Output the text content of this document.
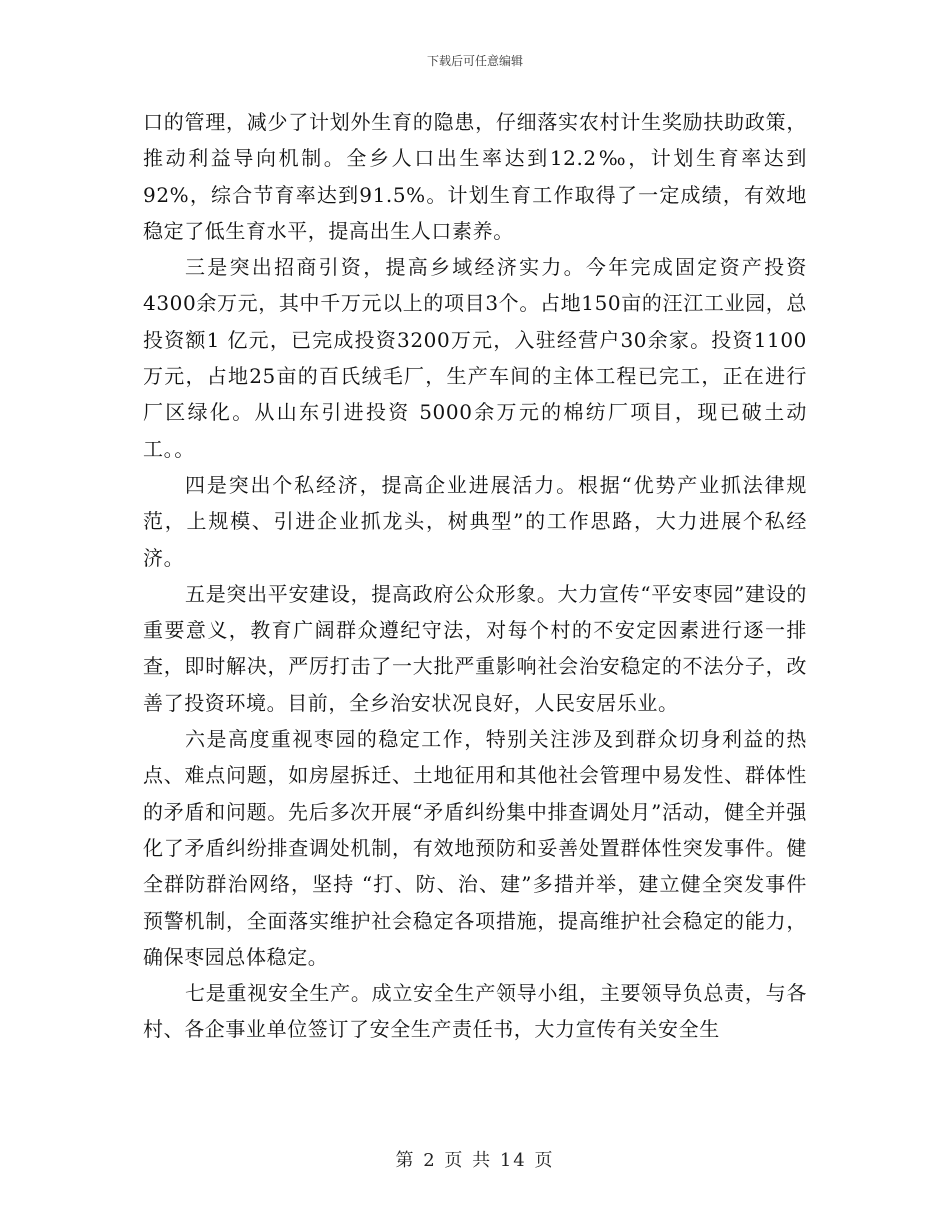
下载后可任意编辑

口的管理，减少了计划外生育的隐患，仔细落实农村计生奖励扶助政策，推动利益导向机制。全乡人口出生率达到12.2‰，计划生育率达到92%，综合节育率达到91.5%。计划生育工作取得了一定成绩，有效地稳定了低生育水平，提高出生人口素养。

三是突出招商引资，提高乡域经济实力。今年完成固定资产投资4300余万元，其中千万元以上的项目3个。占地150亩的汪江工业园，总投资额1 亿元，已完成投资3200万元，入驻经营户30余家。投资1100万元，占地25亩的百氏绒毛厂，生产车间的主体工程已完工，正在进行厂区绿化。从山东引进投资 5000余万元的棉纺厂项目，现已破土动工。。

四是突出个私经济，提高企业进展活力。根据“优势产业抓法律规范，上规模、引进企业抓龙头，树典型”的工作思路，大力进展个私经济。

五是突出平安建设，提高政府公众形象。大力宣传“平安枣园”建设的重要意义，教育广阔群众遵纪守法，对每个村的不安定因素进行逐一排查，即时解决，严厉打击了一大批严重影响社会治安稳定的不法分子，改善了投资环境。目前，全乡治安状况良好，人民安居乐业。

六是高度重视枣园的稳定工作，特别关注涉及到群众切身利益的热点、难点问题，如房屋拆迁、土地征用和其他社会管理中易发性、群体性的矛盾和问题。先后多次开展“矛盾纠纷集中排查调处月”活动，健全并强化了矛盾纠纷排查调处机制，有效地预防和妥善处置群体性突发事件。健全群防群治网络，坚持 “打、防、治、建”多措并举，建立健全突发事件预警机制，全面落实维护社会稳定各项措施，提高维护社会稳定的能力，确保枣园总体稳定。

七是重视安全生产。成立安全生产领导小组，主要领导负总责，与各村、各企事业单位签订了安全生产责任书，大力宣传有关安全生

第 2 页 共 14 页
